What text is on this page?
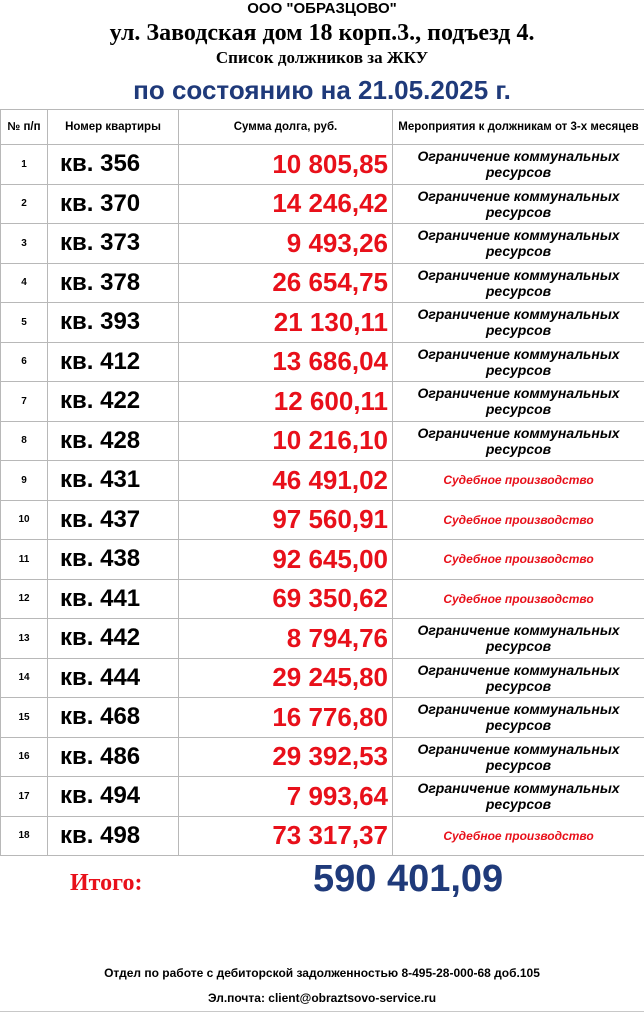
ООО "ОБРАЗЦОВО"
ул. Заводская дом 18 корп.3., подъезд 4.
Список должников за ЖКУ
по состоянию на 21.05.2025 г.
№ п/п	Номер квартиры	Сумма долга, руб.	Мероприятия к должникам от 3-х месяцев
1	кв. 356	10 805,85	Ограничение коммунальных ресурсов
2	кв. 370	14 246,42	Ограничение коммунальных ресурсов
3	кв. 373	9 493,26	Ограничение коммунальных ресурсов
4	кв. 378	26 654,75	Ограничение коммунальных ресурсов
5	кв. 393	21 130,11	Ограничение коммунальных ресурсов
6	кв. 412	13 686,04	Ограничение коммунальных ресурсов
7	кв. 422	12 600,11	Ограничение коммунальных ресурсов
8	кв. 428	10 216,10	Ограничение коммунальных ресурсов
9	кв. 431	46 491,02	Судебное производство
10	кв. 437	97 560,91	Судебное производство
11	кв. 438	92 645,00	Судебное производство
12	кв. 441	69 350,62	Судебное производство
13	кв. 442	8 794,76	Ограничение коммунальных ресурсов
14	кв. 444	29 245,80	Ограничение коммунальных ресурсов
15	кв. 468	16 776,80	Ограничение коммунальных ресурсов
16	кв. 486	29 392,53	Ограничение коммунальных ресурсов
17	кв. 494	7 993,64	Ограничение коммунальных ресурсов
18	кв. 498	73 317,37	Судебное производство
Итого:	590 401,09
Отдел по работе с дебиторской задолженностью 8-495-28-000-68 доб.105
Эл.почта: client@obraztsovo-service.ru
